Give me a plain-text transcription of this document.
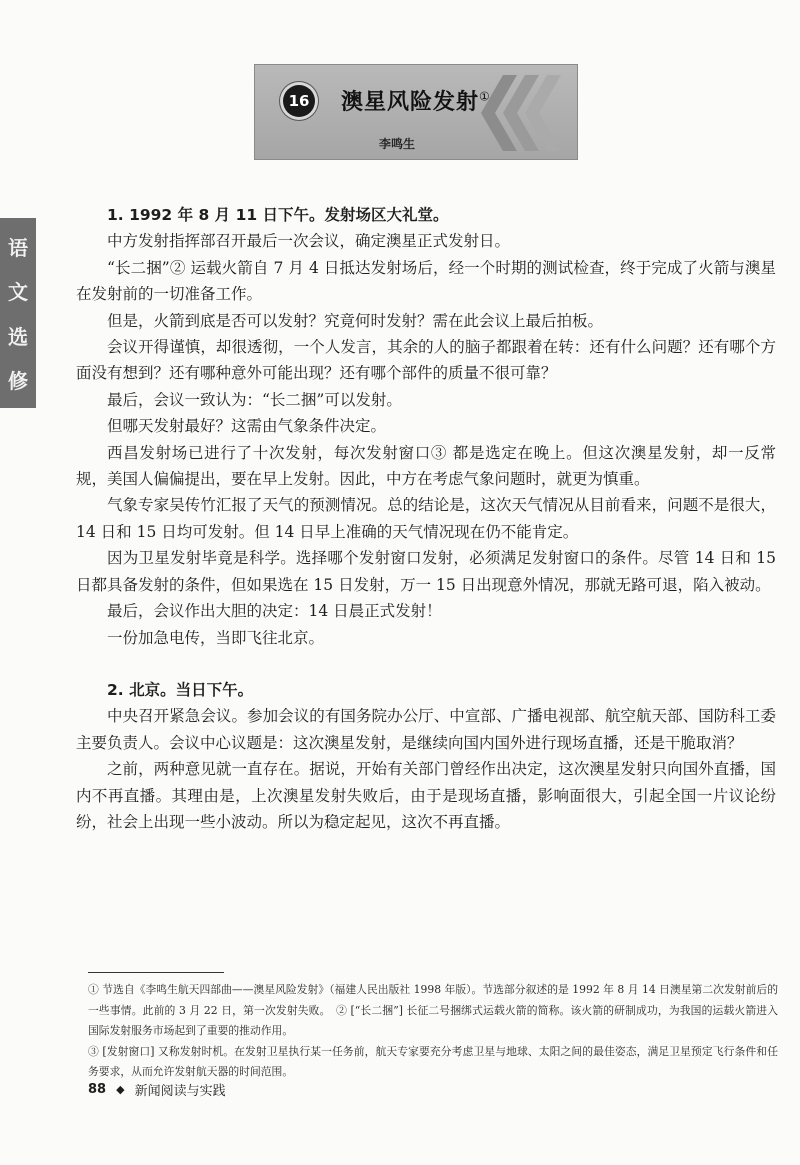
16 澳星风险发射①
李鸣生
语
文
选
修
1. 1992 年 8 月 11 日下午。发射场区大礼堂。

中方发射指挥部召开最后一次会议，确定澳星正式发射日。

“长二捆”② 运载火箭自 7 月 4 日抵达发射场后，经一个时期的测试检查，终于完成了火箭与澳星在发射前的一切准备工作。

但是，火箭到底是否可以发射？究竟何时发射？需在此会议上最后拍板。

会议开得谨慎，却很透彻，一个人发言，其余的人的脑子都跟着在转：还有什么问题？还有哪个方面没有想到？还有哪种意外可能出现？还有哪个部件的质量不很可靠？

最后，会议一致认为：“长二捆”可以发射。

但哪天发射最好？这需由气象条件决定。

西昌发射场已进行了十次发射，每次发射窗口③ 都是选定在晚上。但这次澳星发射，却一反常规，美国人偏偏提出，要在早上发射。因此，中方在考虑气象问题时，就更为慎重。

气象专家吴传竹汇报了天气的预测情况。总的结论是，这次天气情况从目前看来，问题不是很大，14 日和 15 日均可发射。但 14 日早上准确的天气情况现在仍不能肯定。

因为卫星发射毕竟是科学。选择哪个发射窗口发射，必须满足发射窗口的条件。尽管 14 日和 15 日都具备发射的条件，但如果选在 15 日发射，万一 15 日出现意外情况，那就无路可退，陷入被动。

最后，会议作出大胆的决定：14 日晨正式发射！

一份加急电传，当即飞往北京。

2. 北京。当日下午。

中央召开紧急会议。参加会议的有国务院办公厅、中宣部、广播电视部、航空航天部、国防科工委主要负责人。会议中心议题是：这次澳星发射，是继续向国内国外进行现场直播，还是干脆取消？

之前，两种意见就一直存在。据说，开始有关部门曾经作出决定，这次澳星发射只向国外直播，国内不再直播。其理由是，上次澳星发射失败后，由于是现场直播，影响面很大，引起全国一片议论纷纷，社会上出现一些小波动。所以为稳定起见，这次不再直播。

① 节选自《李鸣生航天四部曲——澳星风险发射》（福建人民出版社 1998 年版）。节选部分叙述的是 1992 年 8 月 14 日澳星第二次发射前后的一些事情。此前的 3 月 22 日，第一次发射失败。　② [“长二捆”] 长征二号捆绑式运载火箭的简称。该火箭的研制成功，为我国的运载火箭进入国际发射服务市场起到了重要的推动作用。

③ [发射窗口] 又称发射时机。在发射卫星执行某一任务前，航天专家要充分考虑卫星与地球、太阳之间的最佳姿态，满足卫星预定飞行条件和任务要求，从而允许发射航天器的时间范围。

88 ◆ 新闻阅读与实践
